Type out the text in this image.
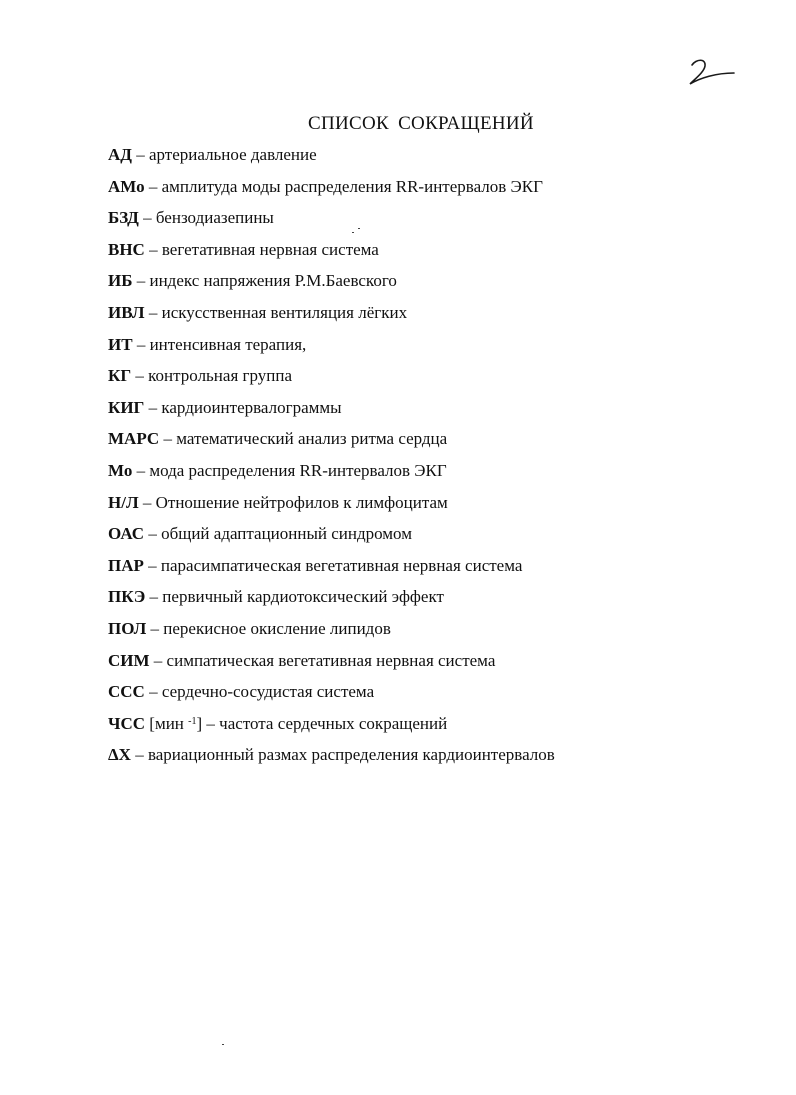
СПИСОК СОКРАЩЕНИЙ
АД – артериальное давление
АМо – амплитуда моды распределения RR-интервалов ЭКГ
БЗД – бензодиазепины
ВНС – вегетативная нервная система
ИБ – индекс напряжения Р.М.Баевского
ИВЛ – искусственная вентиляция лёгких
ИТ – интенсивная терапия,
КГ – контрольная группа
КИГ – кардиоинтервалограммы
МАРС – математический анализ ритма сердца
Мо – мода распределения RR-интервалов ЭКГ
Н/Л – Отношение нейтрофилов к лимфоцитам
ОАС – общий адаптационный синдромом
ПАР – парасимпатическая вегетативная нервная система
ПКЭ – первичный кардиотоксический эффект
ПОЛ – перекисное окисление липидов
СИМ – симпатическая вегетативная нервная система
ССС – сердечно-сосудистая система
ЧСС [мин $^{-1}$] – частота сердечных сокращений
ΔХ – вариационный размах распределения кардиоинтервалов
